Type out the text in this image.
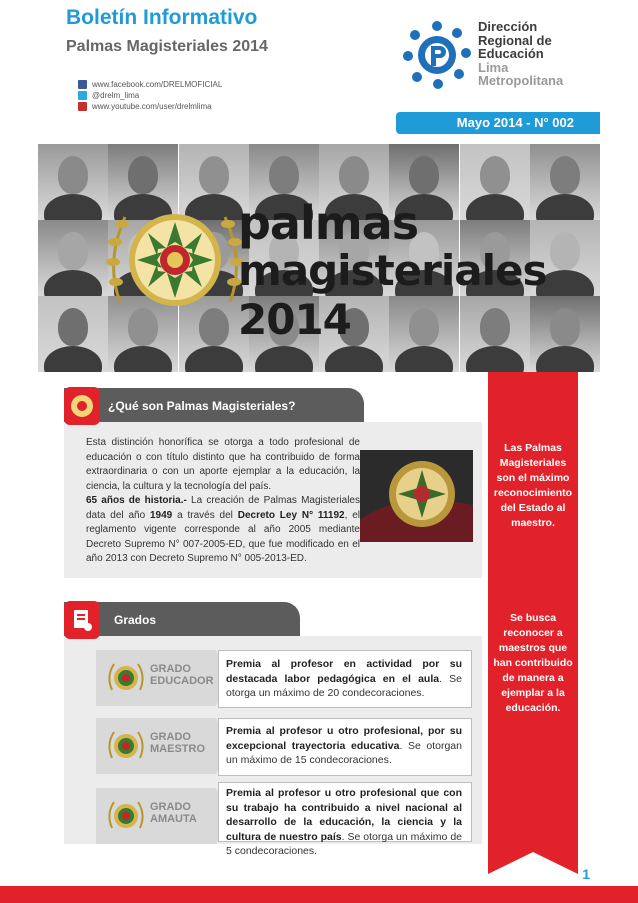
Boletín Informativo
Palmas Magisteriales 2014
www.facebook.com/DRELMOFICIAL
@drelm_lima
www.youtube.com/user/drelmlima
Dirección
Regional de
Educación
Lima
Metropolitana
Mayo 2014 - N° 002
palmas
magisteriales 2014
Las Palmas Magisteriales son el máximo reconocimiento del Estado al maestro.
Se busca reconocer a maestros que han contribuido de manera a ejemplar a la educación.
¿Qué son Palmas Magisteriales?
Esta distinción honorífica se otorga a todo profesional de educación o con título distinto que ha contribuido de forma extraordinaria o con un aporte ejemplar a la educación, la ciencia, la cultura y la tecnología del país.
65 años de historia.- La creación de Palmas Magisteriales data del año 1949 a través del Decreto Ley N° 11192, el reglamento vigente corresponde al año 2005 mediante Decreto Supremo N° 007-2005-ED, que fue modificado en el año 2013 con Decreto Supremo N° 005-2013-ED.
Grados
GRADO
EDUCADOR
Premia al profesor en actividad por su destacada labor pedagógica en el aula. Se otorga un máximo de 20 condecoraciones.
GRADO
MAESTRO
Premia al profesor u otro profesional, por su excepcional trayectoria educativa. Se otorgan un máximo de 15 condecoraciones.
GRADO
AMAUTA
Premia al profesor u otro profesional que con su trabajo ha contribuido a nivel nacional al desarrollo de la educación, la ciencia y la cultura de nuestro país. Se otorga un máximo de 5 condecoraciones.
1
